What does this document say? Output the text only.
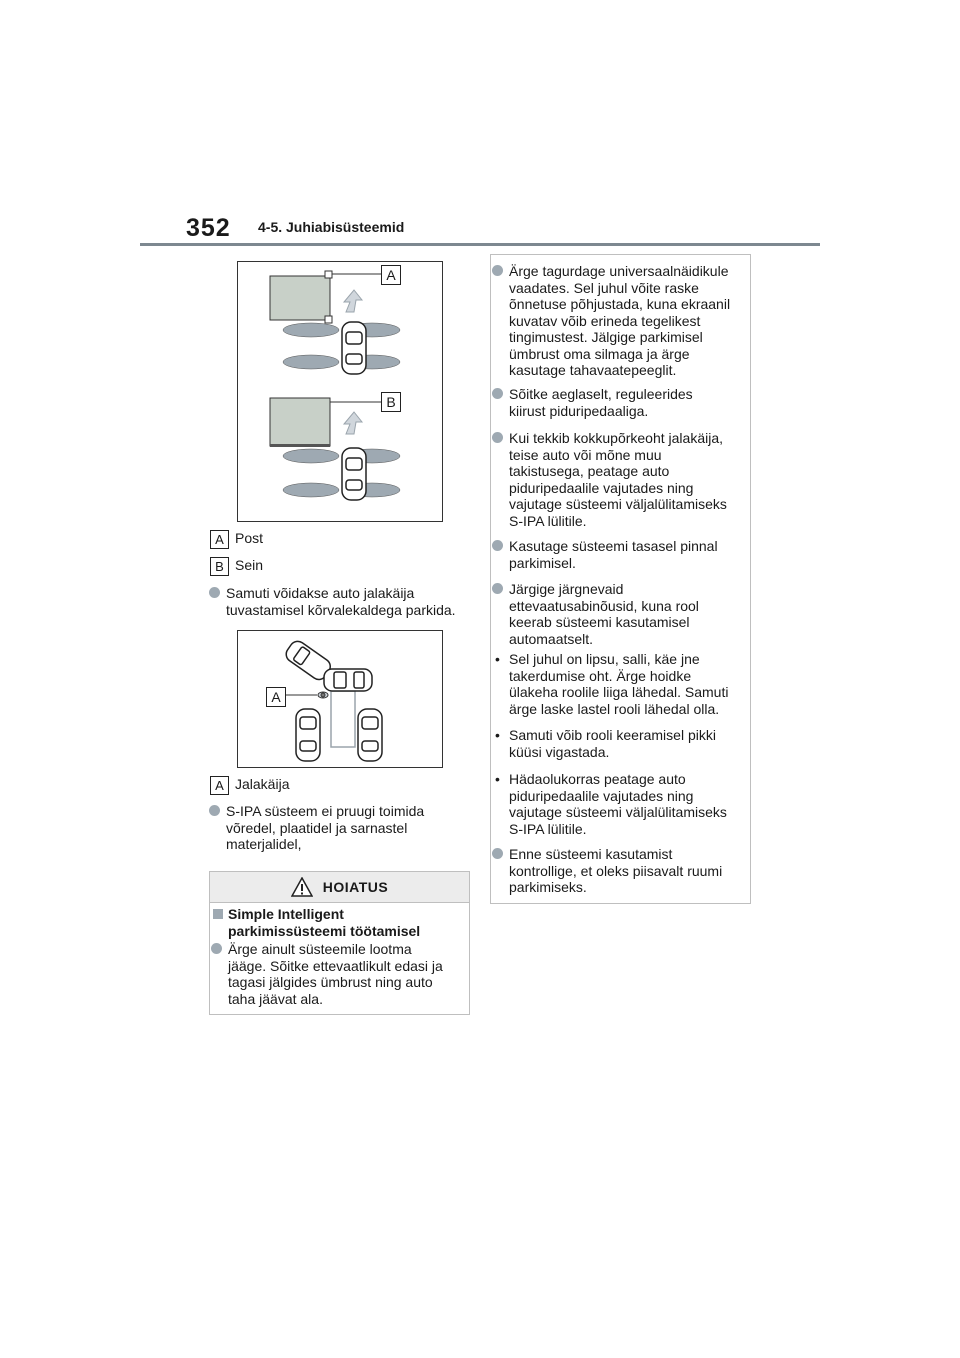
352 4-5. Juhiabisüsteemid
A
B
A Post
B Sein
Samuti võidakse auto jalakäija
tuvastamisel kõrvalekaldega parkida.
A
A Jalakäija
S-IPA süsteem ei pruugi toimida
võredel, plaatidel ja sarnastel
materjalidel,
HOIATUS
Simple Intelligent
parkimissüsteemi töötamisel
Ärge ainult süsteemile lootma
jääge. Sõitke ettevaatlikult edasi ja
tagasi jälgides ümbrust ning auto
taha jäävat ala.
Ärge tagurdage universaalnäidikule
vaadates. Sel juhul võite raske
õnnetuse põhjustada, kuna ekraanil
kuvatav võib erineda tegelikest
tingimustest. Jälgige parkimisel
ümbrust oma silmaga ja ärge
kasutage tahavaatepeeglit.
Sõitke aeglaselt, reguleerides
kiirust piduripedaaliga.
Kui tekkib kokkupõrkeoht jalakäija,
teise auto või mõne muu
takistusega, peatage auto
piduripedaalile vajutades ning
vajutage süsteemi väljalülitamiseks
S-IPA lülitile.
Kasutage süsteemi tasasel pinnal
parkimisel.
Järgige järgnevaid
ettevaatusabinõusid, kuna rool
keerab süsteemi kasutamisel
automaatselt.
• Sel juhul on lipsu, salli, käe jne
takerdumise oht. Ärge hoidke
ülakeha roolile liiga lähedal. Samuti
ärge laske lastel rooli lähedal olla.
• Samuti võib rooli keeramisel pikki
küüsi vigastada.
• Hädaolukorras peatage auto
piduripedaalile vajutades ning
vajutage süsteemi väljalülitamiseks
S-IPA lülitile.
Enne süsteemi kasutamist
kontrollige, et oleks piisavalt ruumi
parkimiseks.
